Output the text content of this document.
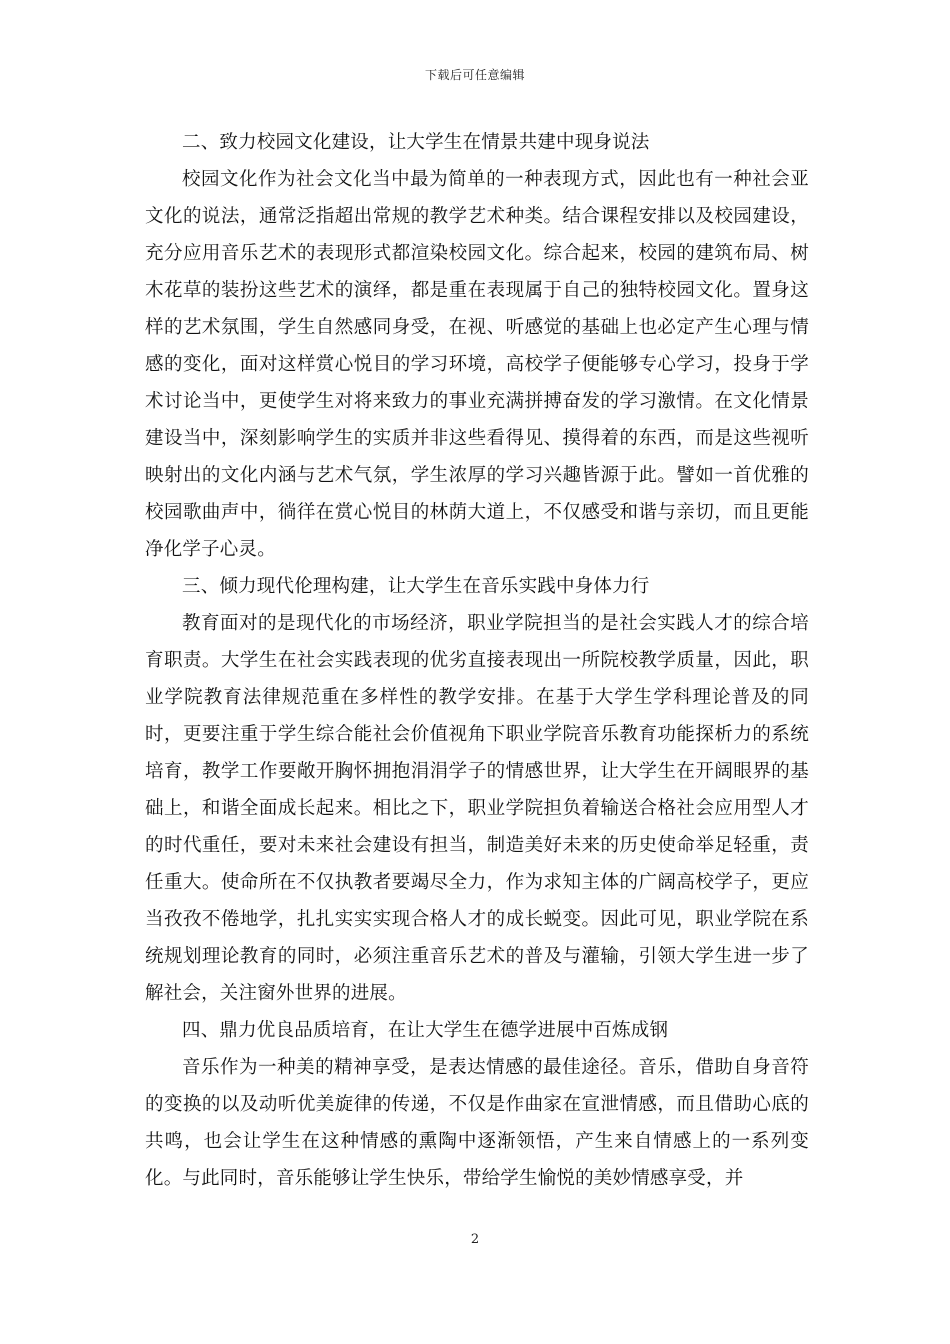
下载后可任意编辑

二、致力校园文化建设，让大学生在情景共建中现身说法

校园文化作为社会文化当中最为简单的一种表现方式，因此也有一种社会亚文化的说法，通常泛指超出常规的教学艺术种类。结合课程安排以及校园建设，充分应用音乐艺术的表现形式都渲染校园文化。综合起来，校园的建筑布局、树木花草的装扮这些艺术的演绎，都是重在表现属于自己的独特校园文化。置身这样的艺术氛围，学生自然感同身受，在视、听感觉的基础上也必定产生心理与情感的变化，面对这样赏心悦目的学习环境，高校学子便能够专心学习，投身于学术讨论当中，更使学生对将来致力的事业充满拼搏奋发的学习激情。在文化情景建设当中，深刻影响学生的实质并非这些看得见、摸得着的东西，而是这些视听映射出的文化内涵与艺术气氛，学生浓厚的学习兴趣皆源于此。譬如一首优雅的校园歌曲声中，徜徉在赏心悦目的林荫大道上，不仅感受和谐与亲切，而且更能净化学子心灵。

三、倾力现代伦理构建，让大学生在音乐实践中身体力行

教育面对的是现代化的市场经济，职业学院担当的是社会实践人才的综合培育职责。大学生在社会实践表现的优劣直接表现出一所院校教学质量，因此，职业学院教育法律规范重在多样性的教学安排。在基于大学生学科理论普及的同时，更要注重于学生综合能社会价值视角下职业学院音乐教育功能探析力的系统培育，教学工作要敞开胸怀拥抱涓涓学子的情感世界，让大学生在开阔眼界的基础上，和谐全面成长起来。相比之下，职业学院担负着输送合格社会应用型人才的时代重任，要对未来社会建设有担当，制造美好未来的历史使命举足轻重，责任重大。使命所在不仅执教者要竭尽全力，作为求知主体的广阔高校学子，更应当孜孜不倦地学，扎扎实实实现合格人才的成长蜕变。因此可见，职业学院在系统规划理论教育的同时，必须注重音乐艺术的普及与灌输，引领大学生进一步了解社会，关注窗外世界的进展。

四、鼎力优良品质培育，在让大学生在德学进展中百炼成钢

音乐作为一种美的精神享受，是表达情感的最佳途径。音乐，借助自身音符的变换的以及动听优美旋律的传递，不仅是作曲家在宣泄情感，而且借助心底的共鸣，也会让学生在这种情感的熏陶中逐渐领悟，产生来自情感上的一系列变化。与此同时，音乐能够让学生快乐，带给学生愉悦的美妙情感享受，并

2
